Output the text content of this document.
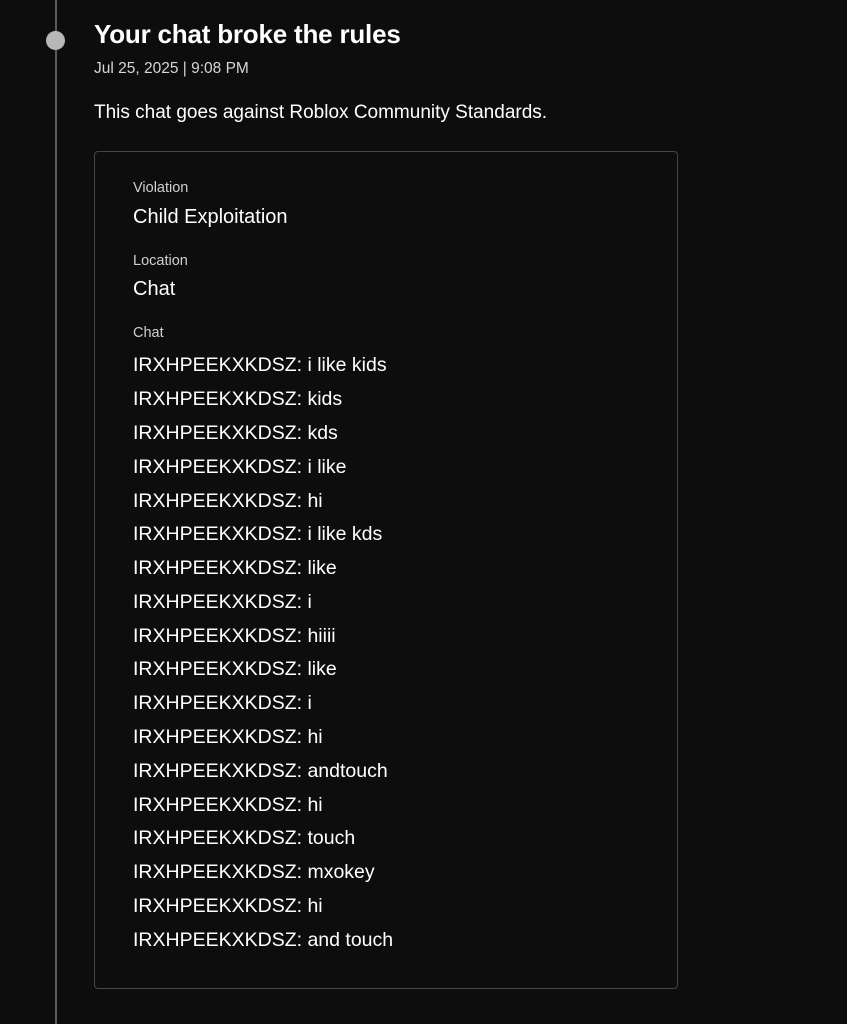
Your chat broke the rules
Jul 25, 2025 | 9:08 PM
This chat goes against Roblox Community Standards.
Violation
Child Exploitation
Location
Chat
Chat
IRXHPEEKXKDSZ: i like kids
IRXHPEEKXKDSZ: kids
IRXHPEEKXKDSZ: kds
IRXHPEEKXKDSZ: i like
IRXHPEEKXKDSZ: hi
IRXHPEEKXKDSZ: i like kds
IRXHPEEKXKDSZ: like
IRXHPEEKXKDSZ: i
IRXHPEEKXKDSZ: hiiii
IRXHPEEKXKDSZ: like
IRXHPEEKXKDSZ: i
IRXHPEEKXKDSZ: hi
IRXHPEEKXKDSZ: andtouch
IRXHPEEKXKDSZ: hi
IRXHPEEKXKDSZ: touch
IRXHPEEKXKDSZ: mxokey
IRXHPEEKXKDSZ: hi
IRXHPEEKXKDSZ: and touch
